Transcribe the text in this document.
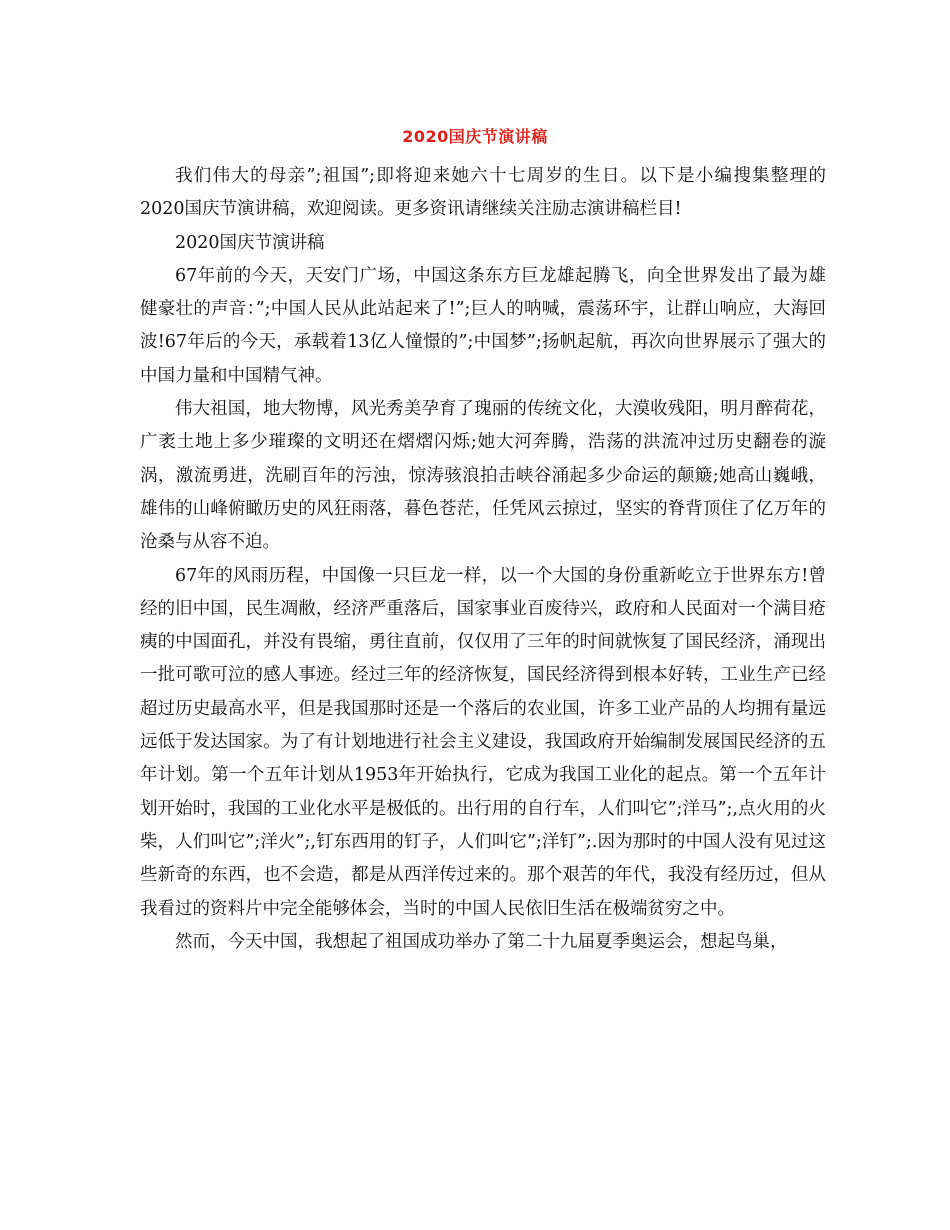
2020国庆节演讲稿

我们伟大的母亲”;祖国”;即将迎来她六十七周岁的生日。以下是小编搜集整理的2020国庆节演讲稿，欢迎阅读。更多资讯请继续关注励志演讲稿栏目!

2020国庆节演讲稿

67年前的今天，天安门广场，中国这条东方巨龙雄起腾飞，向全世界发出了最为雄健豪壮的声音：”;中国人民从此站起来了!”;巨人的呐喊，震荡环宇，让群山响应，大海回波!67年后的今天，承载着13亿人憧憬的”;中国梦”;扬帆起航，再次向世界展示了强大的中国力量和中国精气神。

伟大祖国，地大物博，风光秀美孕育了瑰丽的传统文化，大漠收残阳，明月醉荷花，广袤土地上多少璀璨的文明还在熠熠闪烁;她大河奔腾，浩荡的洪流冲过历史翻卷的漩涡，激流勇进，洗刷百年的污浊，惊涛骇浪拍击峡谷涌起多少命运的颠簸;她高山巍峨，雄伟的山峰俯瞰历史的风狂雨落，暮色苍茫，任凭风云掠过，坚实的脊背顶住了亿万年的沧桑与从容不迫。

67年的风雨历程，中国像一只巨龙一样，以一个大国的身份重新屹立于世界东方!曾经的旧中国，民生凋敝，经济严重落后，国家事业百废待兴，政府和人民面对一个满目疮痍的中国面孔，并没有畏缩，勇往直前，仅仅用了三年的时间就恢复了国民经济，涌现出一批可歌可泣的感人事迹。经过三年的经济恢复，国民经济得到根本好转，工业生产已经超过历史最高水平，但是我国那时还是一个落后的农业国，许多工业产品的人均拥有量远远低于发达国家。为了有计划地进行社会主义建设，我国政府开始编制发展国民经济的五年计划。第一个五年计划从1953年开始执行，它成为我国工业化的起点。第一个五年计划开始时，我国的工业化水平是极低的。出行用的自行车，人们叫它”;洋马”;,点火用的火柴，人们叫它”;洋火”;,钉东西用的钉子，人们叫它”;洋钉”;.因为那时的中国人没有见过这些新奇的东西，也不会造，都是从西洋传过来的。那个艰苦的年代，我没有经历过，但从我看过的资料片中完全能够体会，当时的中国人民依旧生活在极端贫穷之中。

然而，今天中国，我想起了祖国成功举办了第二十九届夏季奥运会，想起鸟巢，
